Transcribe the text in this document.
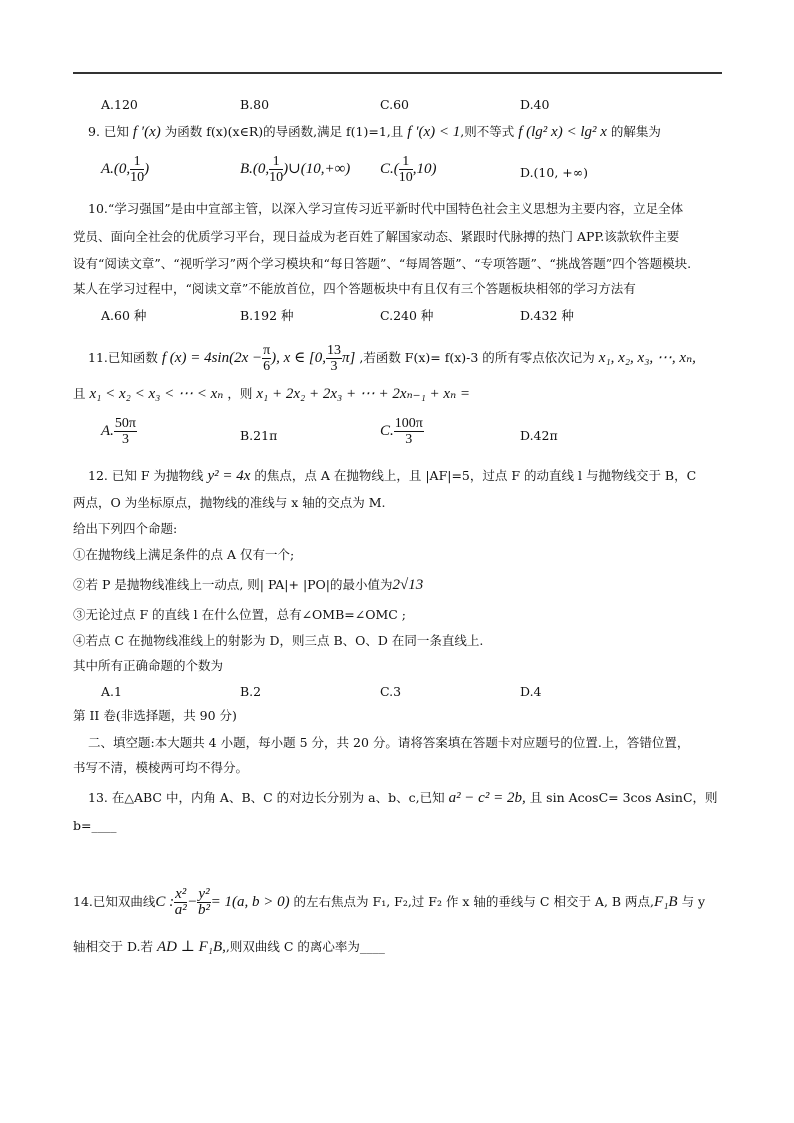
A.120	B.80	C.60	D.40
9. 已知 f ′(x) 为函数 f(x)(x∈R)的导函数,满足 f(1)=1,且 f ′(x) < 1,则不等式 f (lg² x) < lg² x 的解集为
A.(0, $\frac{1}{10}$ )	B.(0, $\frac{1}{10}$ )∪(10,+∞) $C.( \frac{1}{10} ,10)$	D.(10, +∞)
10.“学习强国”是由中宣部主管，以深入学习宣传习近平新时代中国特色社会主义思想为主要内容，立足全体
党员、面向全社会的优质学习平台，现日益成为老百姓了解国家动态、紧跟时代脉搏的热门 APP.该款软件主要
设有“阅读文章”、“视听学习”两个学习模块和“每日答题”、“每周答题”、“专项答题”、“挑战答题”四个答题模块.
某人在学习过程中，“阅读文章”不能放首位，四个答题板块中有且仅有三个答题板块相邻的学习方法有
A.60 种	B.192 种	C.240 种	D.432 种
11.已知函数 f $(x) = 4\sin(2x - \frac{\pi}{6}$ ), x ∈ [0, $\frac{13}{3} \pi$] ,若函数 F(x)= f(x)-3 的所有零点依次记为 x₁, x₂, x₃, ⋯, xₙ,
且 x₁ < x₂ < x₃ < ⋯ < xₙ ，则 x₁ + 2x₂ + 2x₃ + ⋯ + 2xₙ₋₁ + xₙ =
A. $\frac{50\pi}{3}$	B.21π	C. $\frac{100\pi}{3}$	D.42π
12. 已知 F 为抛物线 y² = 4x 的焦点，点 A 在抛物线上，且 |AF|=5，过点 F 的动直线 l 与抛物线交于 B，C
两点，O 为坐标原点，抛物线的准线与 x 轴的交点为 M.
给出下列四个命题:
①在抛物线上满足条件的点 A 仅有一个;
②若 P 是抛物线准线上一动点, 则| PA|+ |PO|的最小值为2√13
③无论过点 F 的直线 l 在什么位置，总有∠OMB=∠OMC ;
④若点 C 在抛物线准线上的射影为 D，则三点 B、O、D 在同一条直线上.
其中所有正确命题的个数为
A.1	B.2	C.3	D.4
第 II 卷(非选择题，共 90 分)
二、填空题:本大题共 4 小题，每小题 5 分，共 20 分。请将答案填在答题卡对应题号的位置.上，答错位置，
书写不清，模棱两可均不得分。
13. 在△ABC 中，内角 A、B、C 的对边长分别为 a、b、c,已知 a² − c² = 2b, 且 sin AcosC= 3cos AsinC，则
b=____
14.已知双曲线C : $\frac{\text{x²}}{\text{a²}} - \frac{\text{y²}}{\text{b²}} = 1(a$, b > 0) 的左右焦点为 F₁, F₂,过 F₂ 作 x 轴的垂线与 C 相交于 A, B 两点,F₁B 与 y
轴相交于 D.若 AD ⊥ F₁B,,则双曲线 C 的离心率为____
